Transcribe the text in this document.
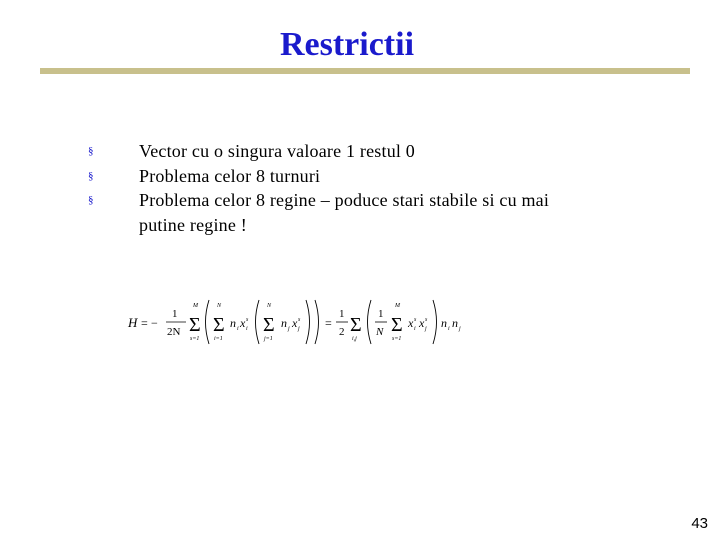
Restrictii
§	Vector cu o singura valoare 1 restul 0
§	Problema celor 8 turnuri
§	Problema celor 8 regine – poduce stari stabile si cu mai putine regine !
H = −
1
2N
M
Σ
s=1
N
Σ
i=1
n i x s
i
N
Σ
j=1
n j x s
j =
1
2 Σ
i,j
1
N
M
Σ
s=1
x s
i x s
j n i n j
43
